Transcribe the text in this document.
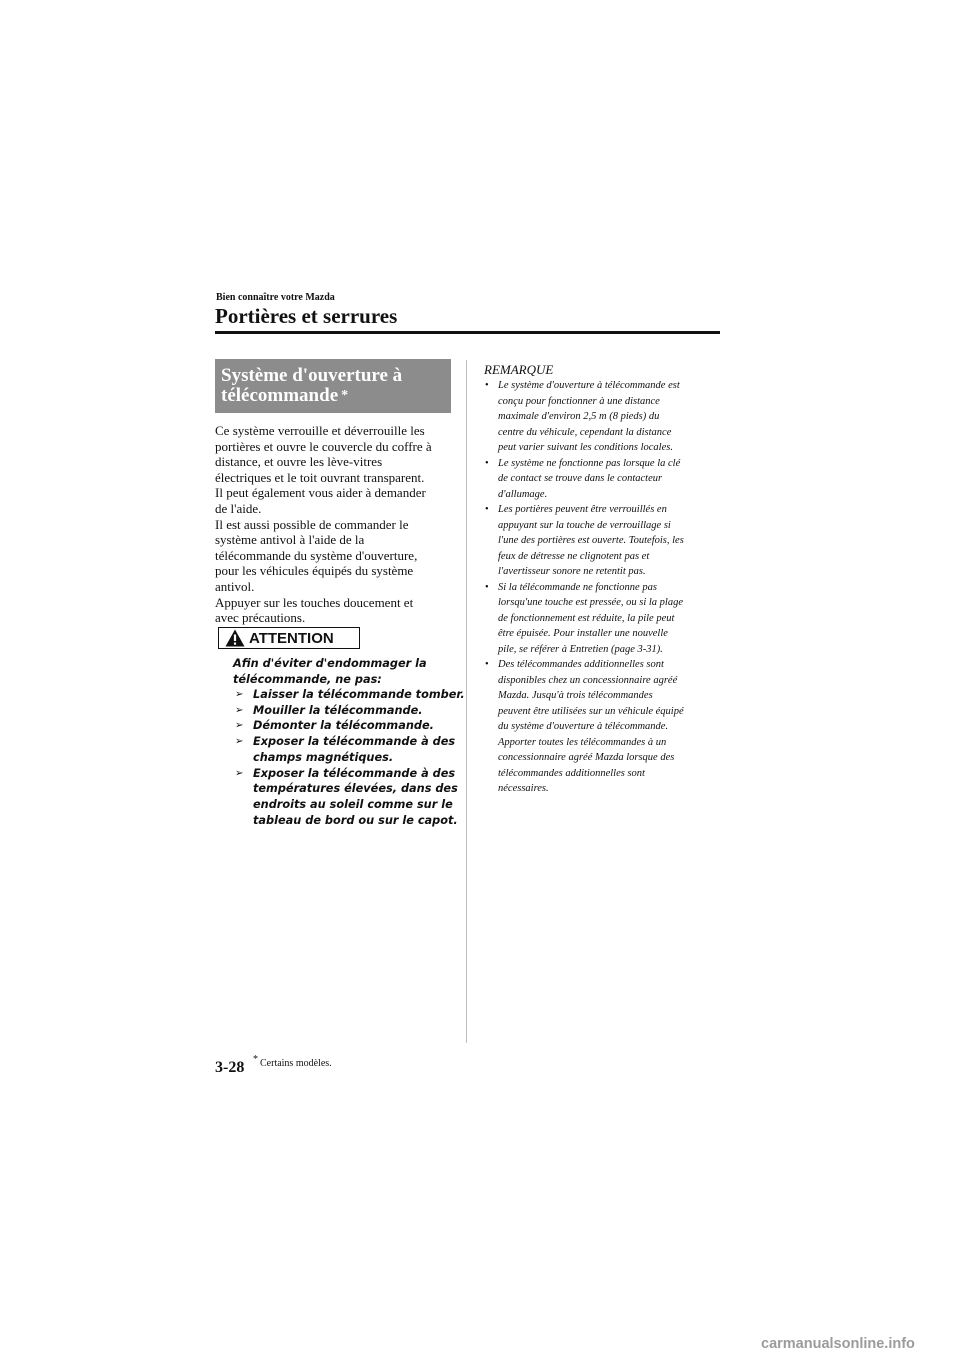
Bien connaître votre Mazda
Portières et serrures
Système d'ouverture à
télécommande *
Ce système verrouille et déverrouille les
portières et ouvre le couvercle du coffre à
distance, et ouvre les lève-vitres
électriques et le toit ouvrant transparent.
Il peut également vous aider à demander
de l'aide.
Il est aussi possible de commander le
système antivol à l'aide de la
télécommande du système d'ouverture,
pour les véhicules équipés du système
antivol.
Appuyer sur les touches doucement et
avec précautions.
ATTENTION
Afin d'éviter d'endommager la
télécommande, ne pas:
➢ Laisser la télécommande tomber.
➢ Mouiller la télécommande.
➢ Démonter la télécommande.
➢ Exposer la télécommande à des
champs magnétiques.
➢ Exposer la télécommande à des
températures élevées, dans des
endroits au soleil comme sur le
tableau de bord ou sur le capot.
REMARQUE
• Le système d'ouverture à télécommande est
conçu pour fonctionner à une distance
maximale d'environ 2,5 m (8 pieds) du
centre du véhicule, cependant la distance
peut varier suivant les conditions locales.
• Le système ne fonctionne pas lorsque la clé
de contact se trouve dans le contacteur
d'allumage.
• Les portières peuvent être verrouillés en
appuyant sur la touche de verrouillage si
l'une des portières est ouverte. Toutefois, les
feux de détresse ne clignotent pas et
l'avertisseur sonore ne retentit pas.
• Si la télécommande ne fonctionne pas
lorsqu'une touche est pressée, ou si la plage
de fonctionnement est réduite, la pile peut
être épuisée. Pour installer une nouvelle
pile, se référer à Entretien (page 3-31).
• Des télécommandes additionnelles sont
disponibles chez un concessionnaire agréé
Mazda. Jusqu'à trois télécommandes
peuvent être utilisées sur un véhicule équipé
du système d'ouverture à télécommande.
Apporter toutes les télécommandes à un
concessionnaire agréé Mazda lorsque des
télécommandes additionnelles sont
nécessaires.
3-28 * Certains modèles.
carmanualsonline.info
